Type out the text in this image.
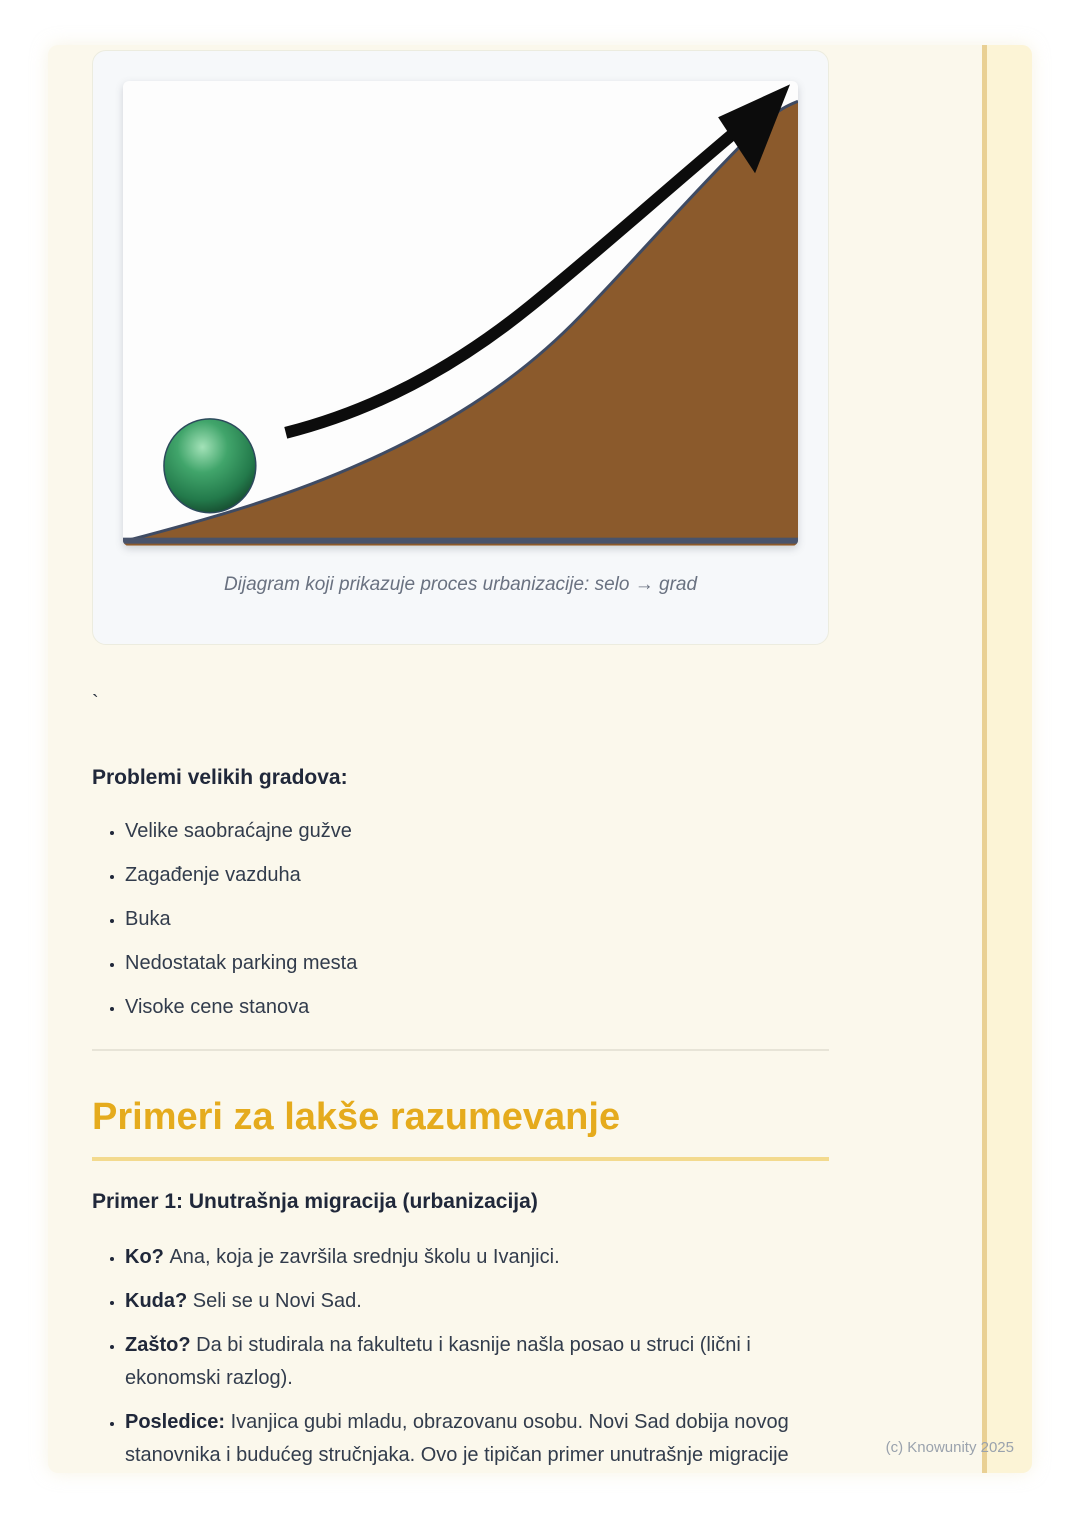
Dijagram koji prikazuje proces urbanizacije: selo → grad

`

Problemi velikih gradova:
• Velike saobraćajne gužve
• Zagađenje vazduha
• Buka
• Nedostatak parking mesta
• Visoke cene stanova
Primeri za lakše razumevanje
Primer 1: Unutrašnja migracija (urbanizacija)
• Ko? Ana, koja je završila srednju školu u Ivanjici.
• Kuda? Seli se u Novi Sad.
• Zašto? Da bi studirala na fakultetu i kasnije našla posao u struci (lični i ekonomski razlog).
• Posledice: Ivanjica gubi mladu, obrazovanu osobu. Novi Sad dobija novog stanovnika i budućeg stručnjaka. Ovo je tipičan primer unutrašnje migracije	(c) Knowunity 2025
